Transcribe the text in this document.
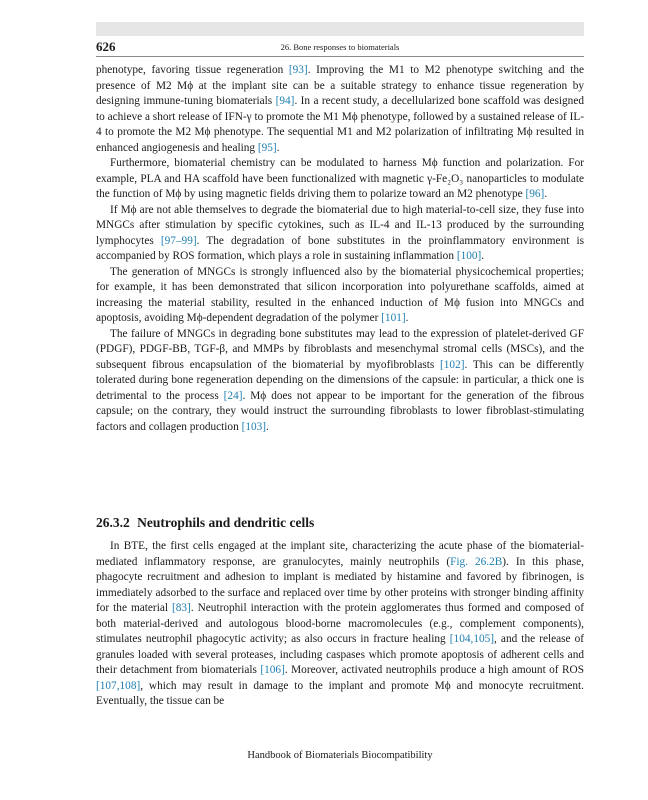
626	26. Bone responses to biomaterials

phenotype, favoring tissue regeneration [93]. Improving the M1 to M2 phenotype switching and the presence of M2 Mϕ at the implant site can be a suitable strategy to enhance tissue regeneration by designing immune-tuning biomaterials [94]. In a recent study, a decellularized bone scaffold was designed to achieve a short release of IFN-γ to promote the M1 Mϕ phenotype, followed by a sustained release of IL-4 to promote the M2 Mϕ phenotype. The sequential M1 and M2 polarization of infiltrating Mϕ resulted in enhanced angiogenesis and healing [95].

Furthermore, biomaterial chemistry can be modulated to harness Mϕ function and polarization. For example, PLA and HA scaffold have been functionalized with magnetic γ-Fe₂O₃ nanoparticles to modulate the function of Mϕ by using magnetic fields driving them to polarize toward an M2 phenotype [96].

If Mϕ are not able themselves to degrade the biomaterial due to high material-to-cell size, they fuse into MNGCs after stimulation by specific cytokines, such as IL-4 and IL-13 produced by the surrounding lymphocytes [97–99]. The degradation of bone substitutes in the proinflammatory environment is accompanied by ROS formation, which plays a role in sustaining inflammation [100].

The generation of MNGCs is strongly influenced also by the biomaterial physicochemical properties; for example, it has been demonstrated that silicon incorporation into polyurethane scaffolds, aimed at increasing the material stability, resulted in the enhanced induction of Mϕ fusion into MNGCs and apoptosis, avoiding Mϕ-dependent degradation of the polymer [101].

The failure of MNGCs in degrading bone substitutes may lead to the expression of platelet-derived GF (PDGF), PDGF-BB, TGF-β, and MMPs by fibroblasts and mesenchymal stromal cells (MSCs), and the subsequent fibrous encapsulation of the biomaterial by myofibroblasts [102]. This can be differently tolerated during bone regeneration depending on the dimensions of the capsule: in particular, a thick one is detrimental to the process [24]. Mϕ does not appear to be important for the generation of the fibrous capsule; on the contrary, they would instruct the surrounding fibroblasts to lower fibroblast-stimulating factors and collagen production [103].

26.3.2 Neutrophils and dendritic cells

In BTE, the first cells engaged at the implant site, characterizing the acute phase of the biomaterial-mediated inflammatory response, are granulocytes, mainly neutrophils (Fig. 26.2B). In this phase, phagocyte recruitment and adhesion to implant is mediated by histamine and favored by fibrinogen, is immediately adsorbed to the surface and replaced over time by other proteins with stronger binding affinity for the material [83]. Neutrophil interaction with the protein agglomerates thus formed and composed of both material-derived and autologous blood-borne macromolecules (e.g., complement components), stimulates neutrophil phagocytic activity; as also occurs in fracture healing [104,105], and the release of granules loaded with several proteases, including caspases which promote apoptosis of adherent cells and their detachment from biomaterials [106]. Moreover, activated neutrophils produce a high amount of ROS [107,108], which may result in damage to the implant and promote Mϕ and monocyte recruitment. Eventually, the tissue can be

Handbook of Biomaterials Biocompatibility
